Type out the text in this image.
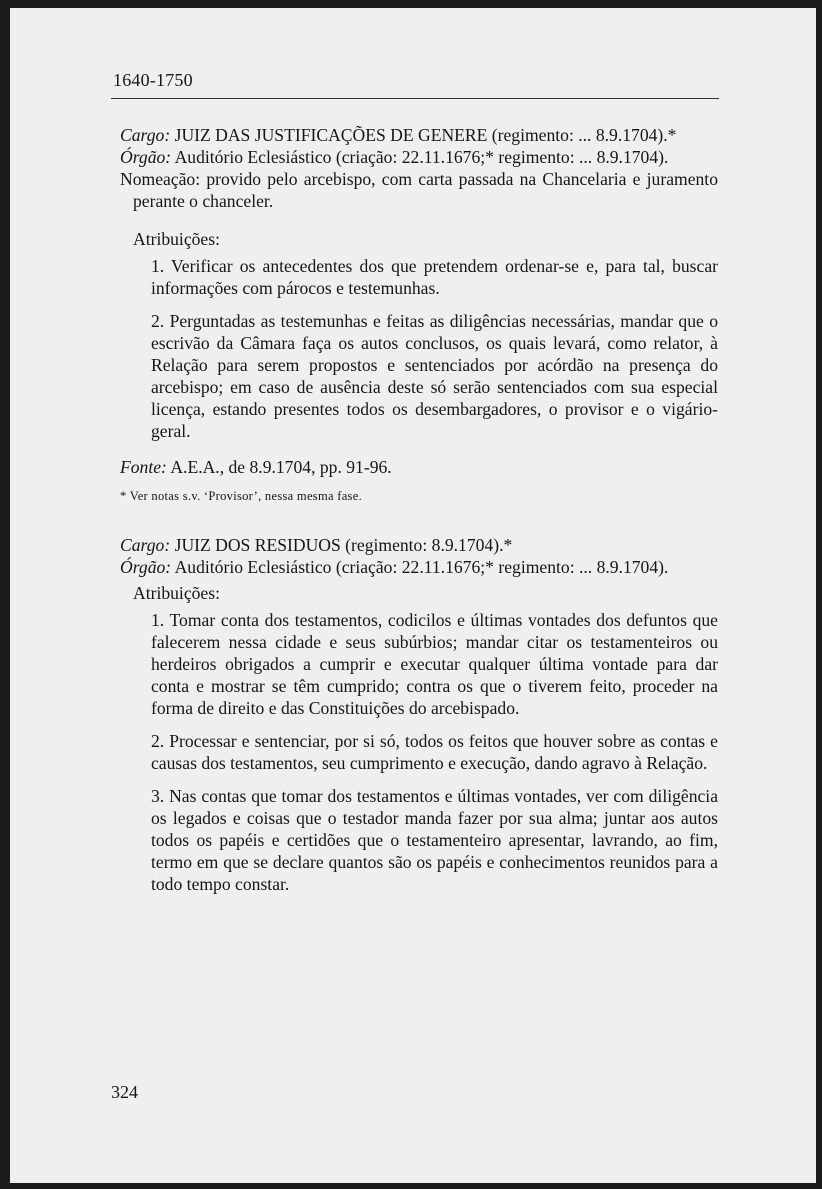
1640-1750

Cargo: JUIZ DAS JUSTIFICAÇÕES DE GENERE (regimento: ... 8.9.1704).*

Órgão: Auditório Eclesiástico (criação: 22.11.1676;* regimento: ... 8.9.1704).

Nomeação: provido pelo arcebispo, com carta passada na Chancelaria e juramento perante o chanceler.

Atribuições:

1. Verificar os antecedentes dos que pretendem ordenar-se e, para tal, buscar informações com párocos e testemunhas.

2. Perguntadas as testemunhas e feitas as diligências necessárias, mandar que o escrivão da Câmara faça os autos conclusos, os quais levará, como relator, à Relação para serem propostos e sentenciados por acórdão na presença do arcebispo; em caso de ausência deste só serão sentenciados com sua especial licença, estando presentes todos os desembargadores, o provisor e o vigário-geral.

Fonte: A.E.A., de 8.9.1704, pp. 91-96.

* Ver notas s.v. ‘Provisor’, nessa mesma fase.

Cargo: JUIZ DOS RESIDUOS (regimento: 8.9.1704).*

Órgão: Auditório Eclesiástico (criação: 22.11.1676;* regimento: ... 8.9.1704).

Atribuições:

1. Tomar conta dos testamentos, codicilos e últimas vontades dos defuntos que falecerem nessa cidade e seus subúrbios; mandar citar os testamenteiros ou herdeiros obrigados a cumprir e executar qualquer última vontade para dar conta e mostrar se têm cumprido; contra os que o tiverem feito, proceder na forma de direito e das Constituições do arcebispado.

2. Processar e sentenciar, por si só, todos os feitos que houver sobre as contas e causas dos testamentos, seu cumprimento e execução, dando agravo à Relação.

3. Nas contas que tomar dos testamentos e últimas vontades, ver com diligência os legados e coisas que o testador manda fazer por sua alma; juntar aos autos todos os papéis e certidões que o testamenteiro apresentar, lavrando, ao fim, termo em que se declare quantos são os papéis e conhecimentos reunidos para a todo tempo constar.

324
